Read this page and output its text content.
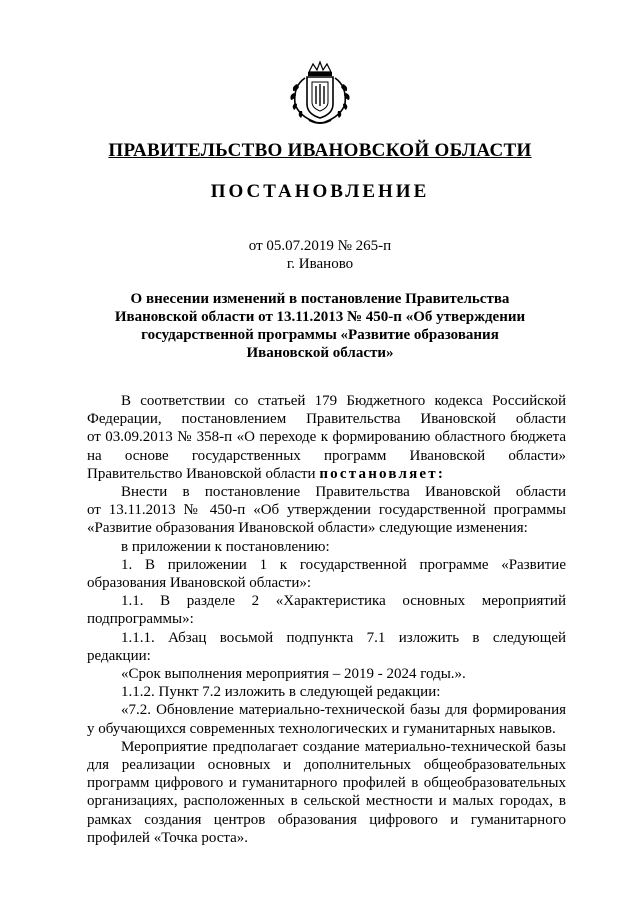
ПРАВИТЕЛЬСТВО ИВАНОВСКОЙ ОБЛАСТИ
ПОСТАНОВЛЕНИЕ
от 05.07.2019 № 265-п
г. Иваново
О внесении изменений в постановление Правительства
Ивановской области от 13.11.2013 № 450-п «Об утверждении
государственной программы «Развитие образования
Ивановской области»
В соответствии со статьей 179 Бюджетного кодекса Российской
Федерации, постановлением Правительства Ивановской области
от 03.09.2013 № 358-п «О переходе к формированию областного бюджета
на основе государственных программ Ивановской области»
Правительство Ивановской области постановляет:
Внести в постановление Правительства Ивановской области
от 13.11.2013 № 450-п «Об утверждении государственной программы
«Развитие образования Ивановской области» следующие изменения:
в приложении к постановлению:
1. В приложении 1 к государственной программе «Развитие
образования Ивановской области»:
1.1. В разделе 2 «Характеристика основных мероприятий
подпрограммы»:
1.1.1. Абзац восьмой подпункта 7.1 изложить в следующей
редакции:
«Срок выполнения мероприятия – 2019 - 2024 годы.».
1.1.2. Пункт 7.2 изложить в следующей редакции:
«7.2. Обновление материально-технической базы для формирования
у обучающихся современных технологических и гуманитарных навыков.
Мероприятие предполагает создание материально-технической базы
для реализации основных и дополнительных общеобразовательных
программ цифрового и гуманитарного профилей в общеобразовательных
организациях, расположенных в сельской местности и малых городах, в
рамках создания центров образования цифрового и гуманитарного
профилей «Точка роста».
